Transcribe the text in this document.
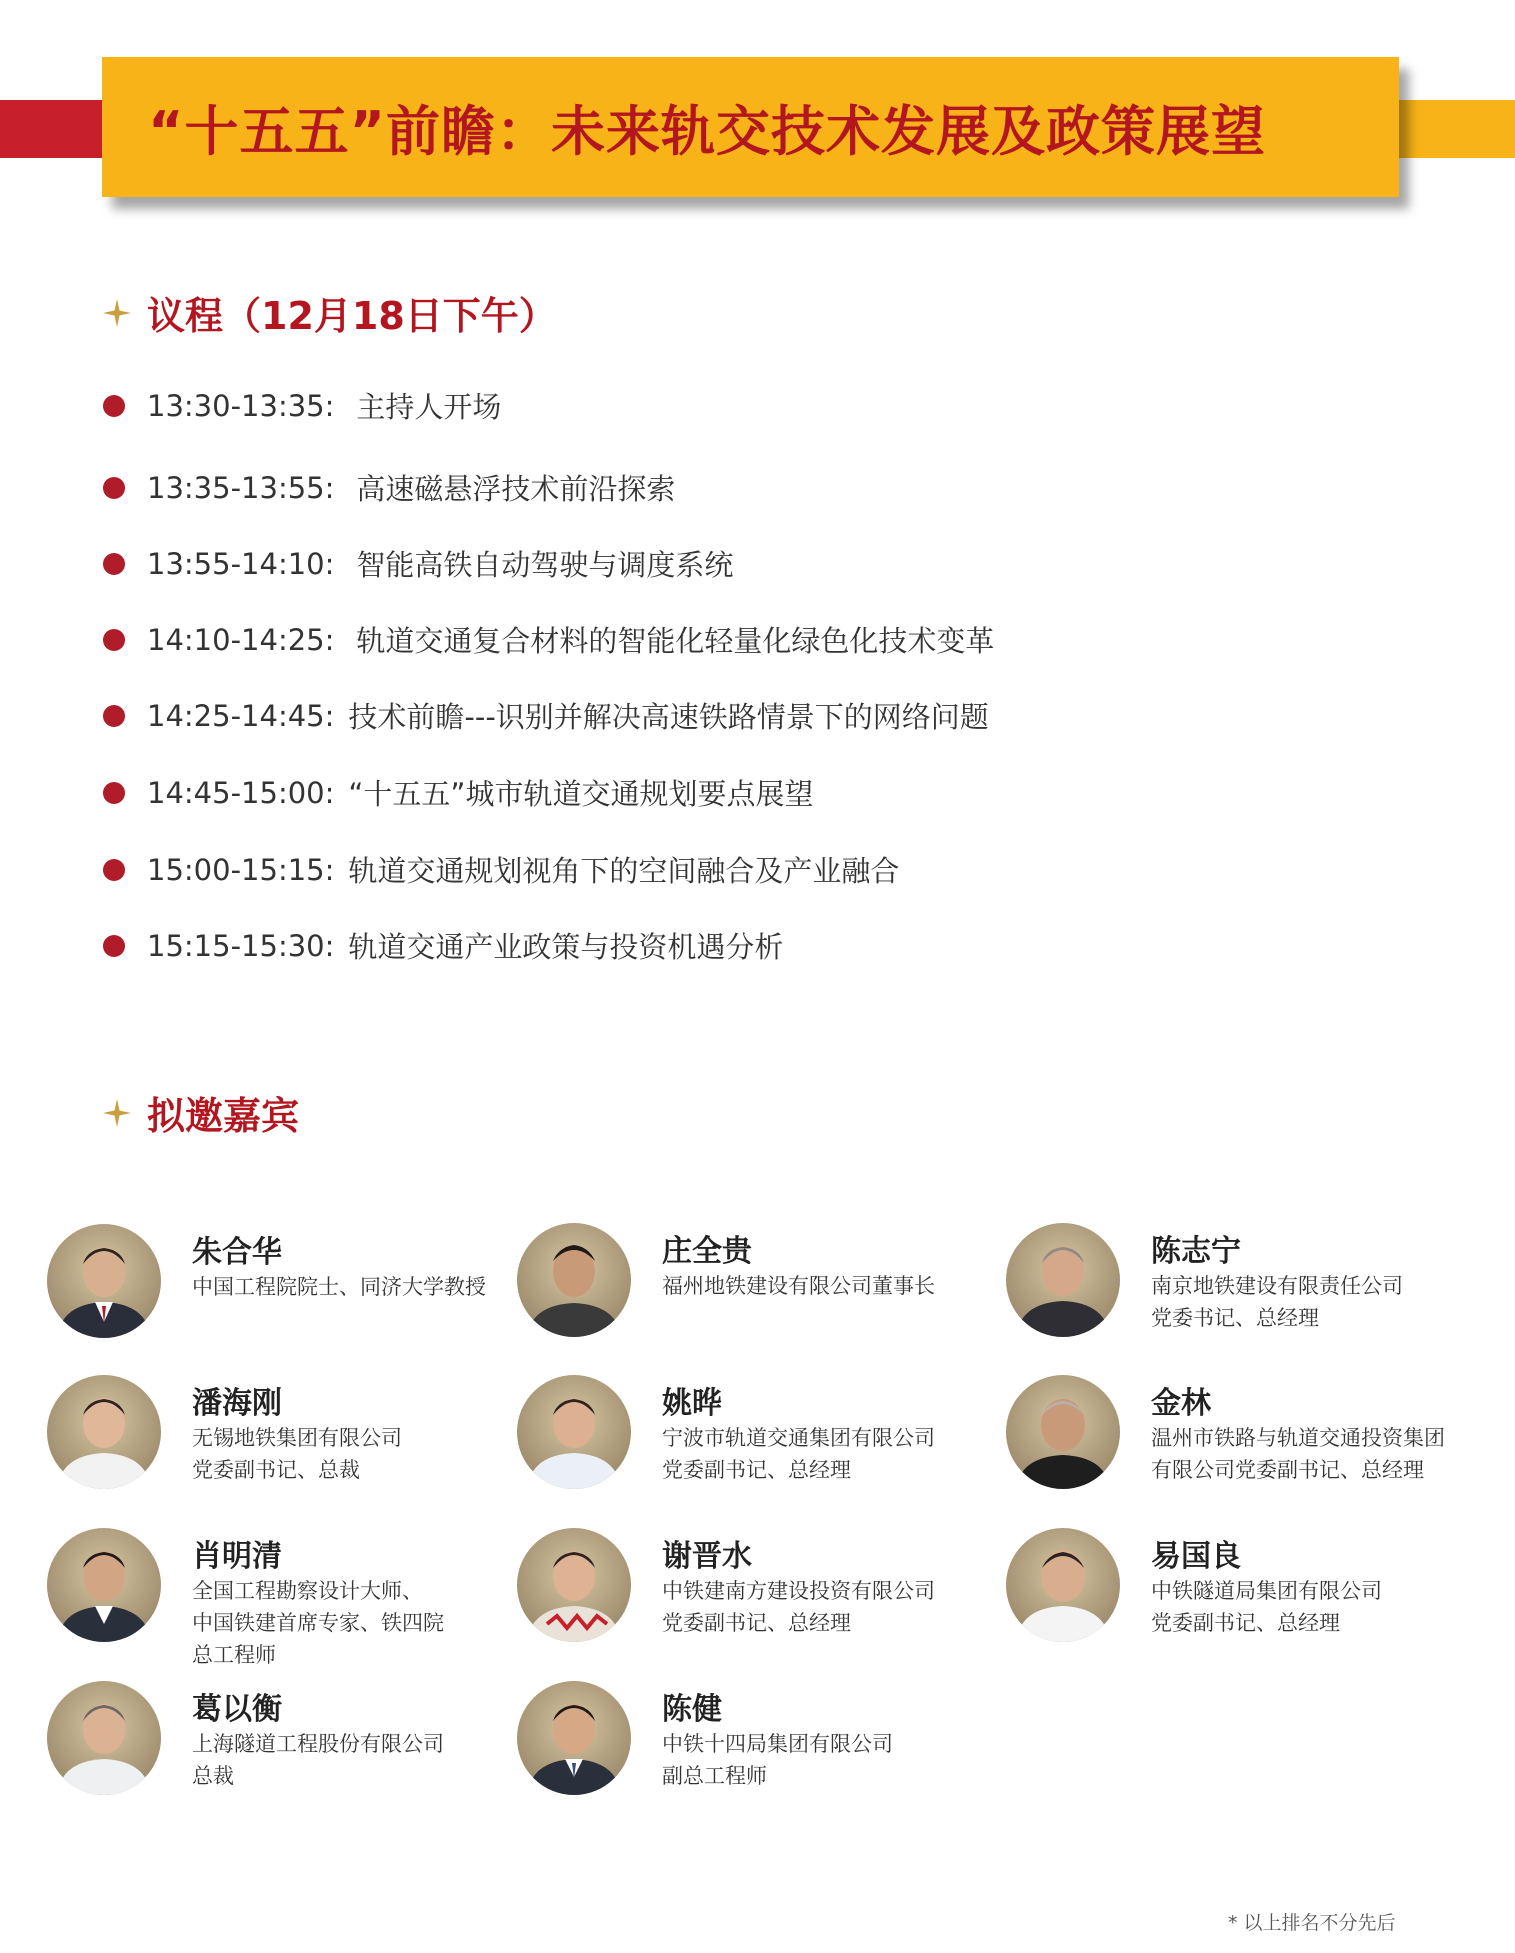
“十五五”前瞻：未来轨交技术发展及政策展望
议程（12月18日下午）
13:30-13:35: 主持人开场
13:35-13:55: 高速磁悬浮技术前沿探索
13:55-14:10: 智能高铁自动驾驶与调度系统
14:10-14:25: 轨道交通复合材料的智能化轻量化绿色化技术变革
14:25-14:45: 技术前瞻---识别并解决高速铁路情景下的网络问题
14:45-15:00: “十五五”城市轨道交通规划要点展望
15:00-15:15: 轨道交通规划视角下的空间融合及产业融合
15:15-15:30: 轨道交通产业政策与投资机遇分析
拟邀嘉宾
朱合华
中国工程院院士、同济大学教授
庄全贵
福州地铁建设有限公司董事长
陈志宁
南京地铁建设有限责任公司
党委书记、总经理
潘海刚
无锡地铁集团有限公司
党委副书记、总裁
姚晔
宁波市轨道交通集团有限公司
党委副书记、总经理
金林
温州市铁路与轨道交通投资集团
有限公司党委副书记、总经理
肖明清
全国工程勘察设计大师、
中国铁建首席专家、铁四院
总工程师
谢晋水
中铁建南方建设投资有限公司
党委副书记、总经理
易国良
中铁隧道局集团有限公司
党委副书记、总经理
葛以衡
上海隧道工程股份有限公司
总裁
陈健
中铁十四局集团有限公司
副总工程师
* 以上排名不分先后
